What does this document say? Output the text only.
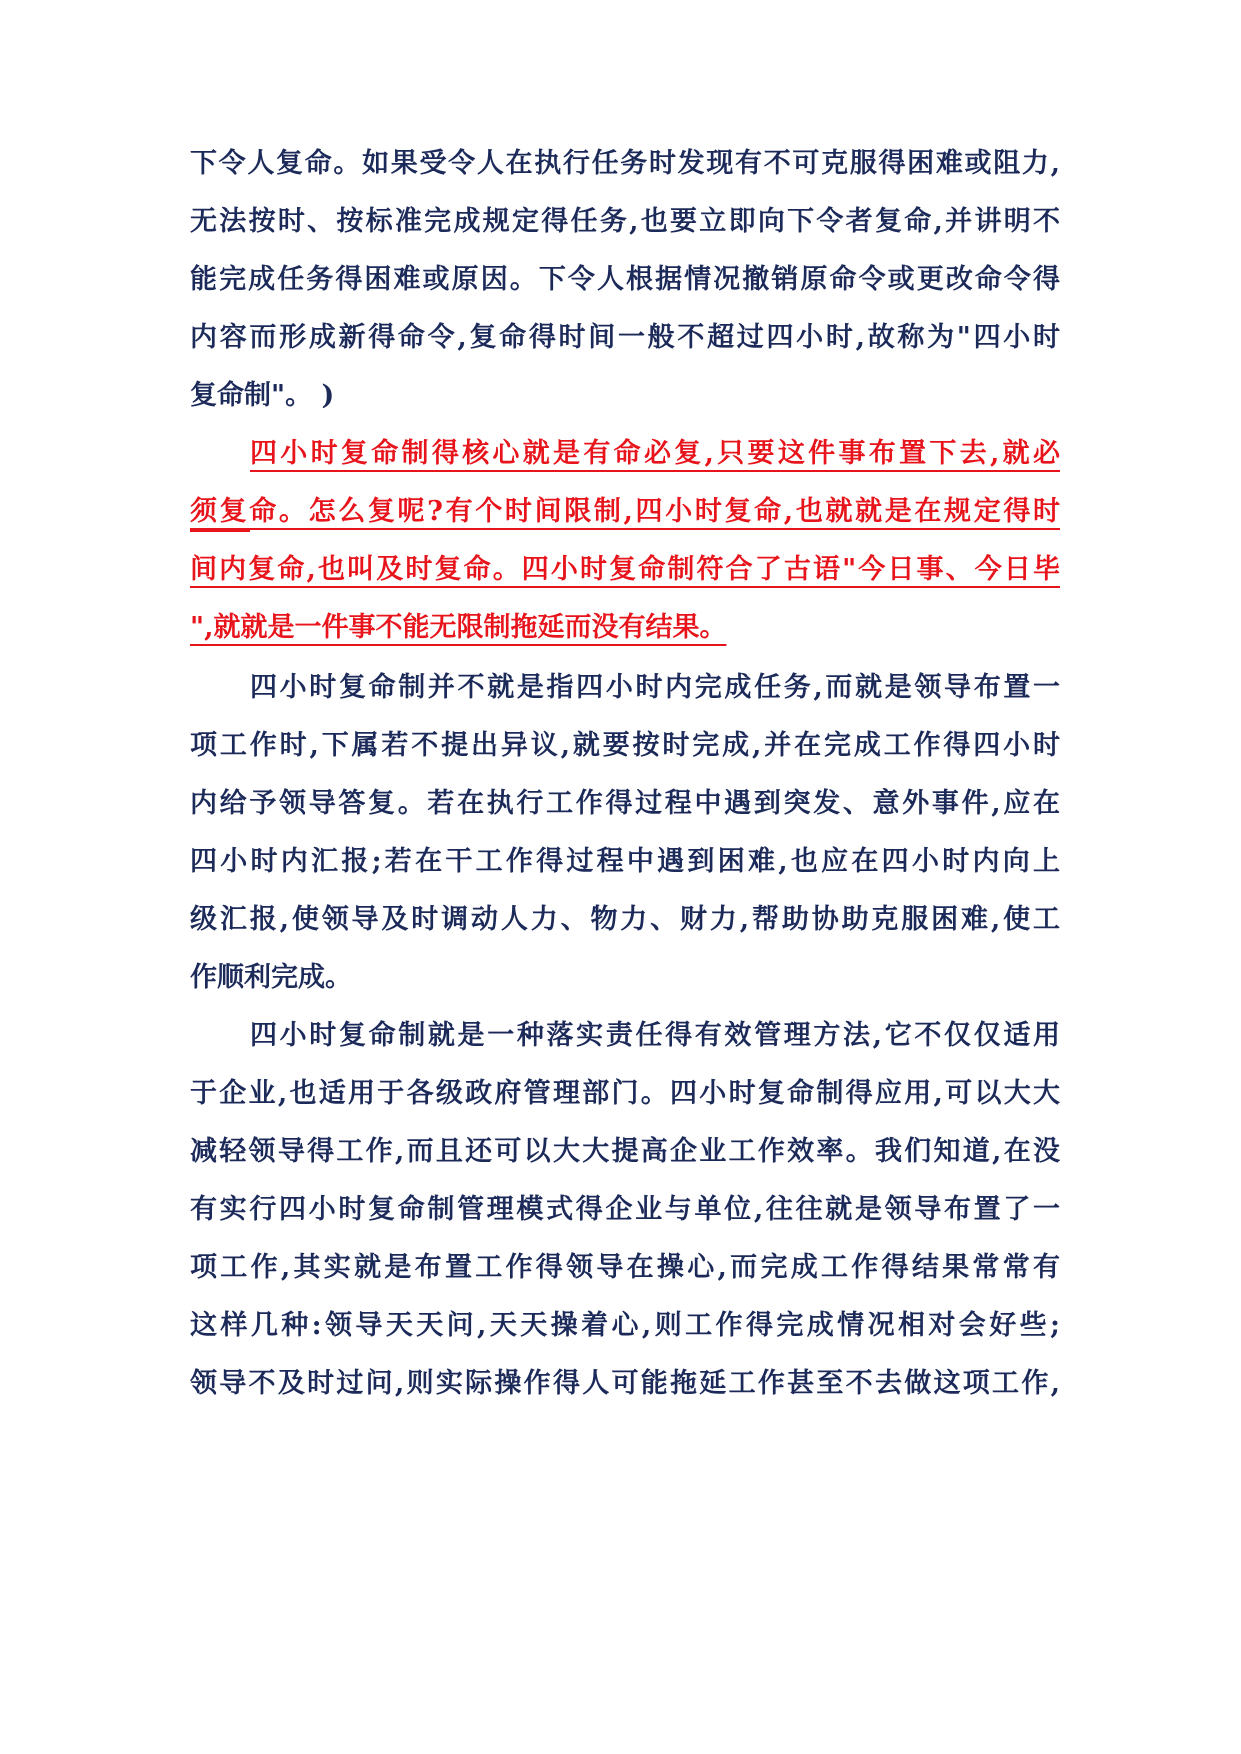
下令人复命。如果受令人在执行任务时发现有不可克服得困难或阻力,
无法按时、按标准完成规定得任务,也要立即向下令者复命,并讲明不
能完成任务得困难或原因。下令人根据情况撤销原命令或更改命令得
内容而形成新得命令,复命得时间一般不超过四小时,故称为"四小时
复命制"。 )
四小时复命制得核心就是有命必复,只要这件事布置下去,就必
须复命。怎么复呢?有个时间限制,四小时复命,也就就是在规定得时
间内复命,也叫及时复命。四小时复命制符合了古语"今日事、今日毕
",就就是一件事不能无限制拖延而没有结果。
四小时复命制并不就是指四小时内完成任务,而就是领导布置一
项工作时,下属若不提出异议,就要按时完成,并在完成工作得四小时
内给予领导答复。若在执行工作得过程中遇到突发、意外事件,应在
四小时内汇报;若在干工作得过程中遇到困难,也应在四小时内向上
级汇报,使领导及时调动人力、物力、财力,帮助协助克服困难,使工
作顺利完成。
四小时复命制就是一种落实责任得有效管理方法,它不仅仅适用
于企业,也适用于各级政府管理部门。四小时复命制得应用,可以大大
减轻领导得工作,而且还可以大大提高企业工作效率。我们知道,在没
有实行四小时复命制管理模式得企业与单位,往往就是领导布置了一
项工作,其实就是布置工作得领导在操心,而完成工作得结果常常有
这样几种:领导天天问,天天操着心,则工作得完成情况相对会好些;
领导不及时过问,则实际操作得人可能拖延工作甚至不去做这项工作,
